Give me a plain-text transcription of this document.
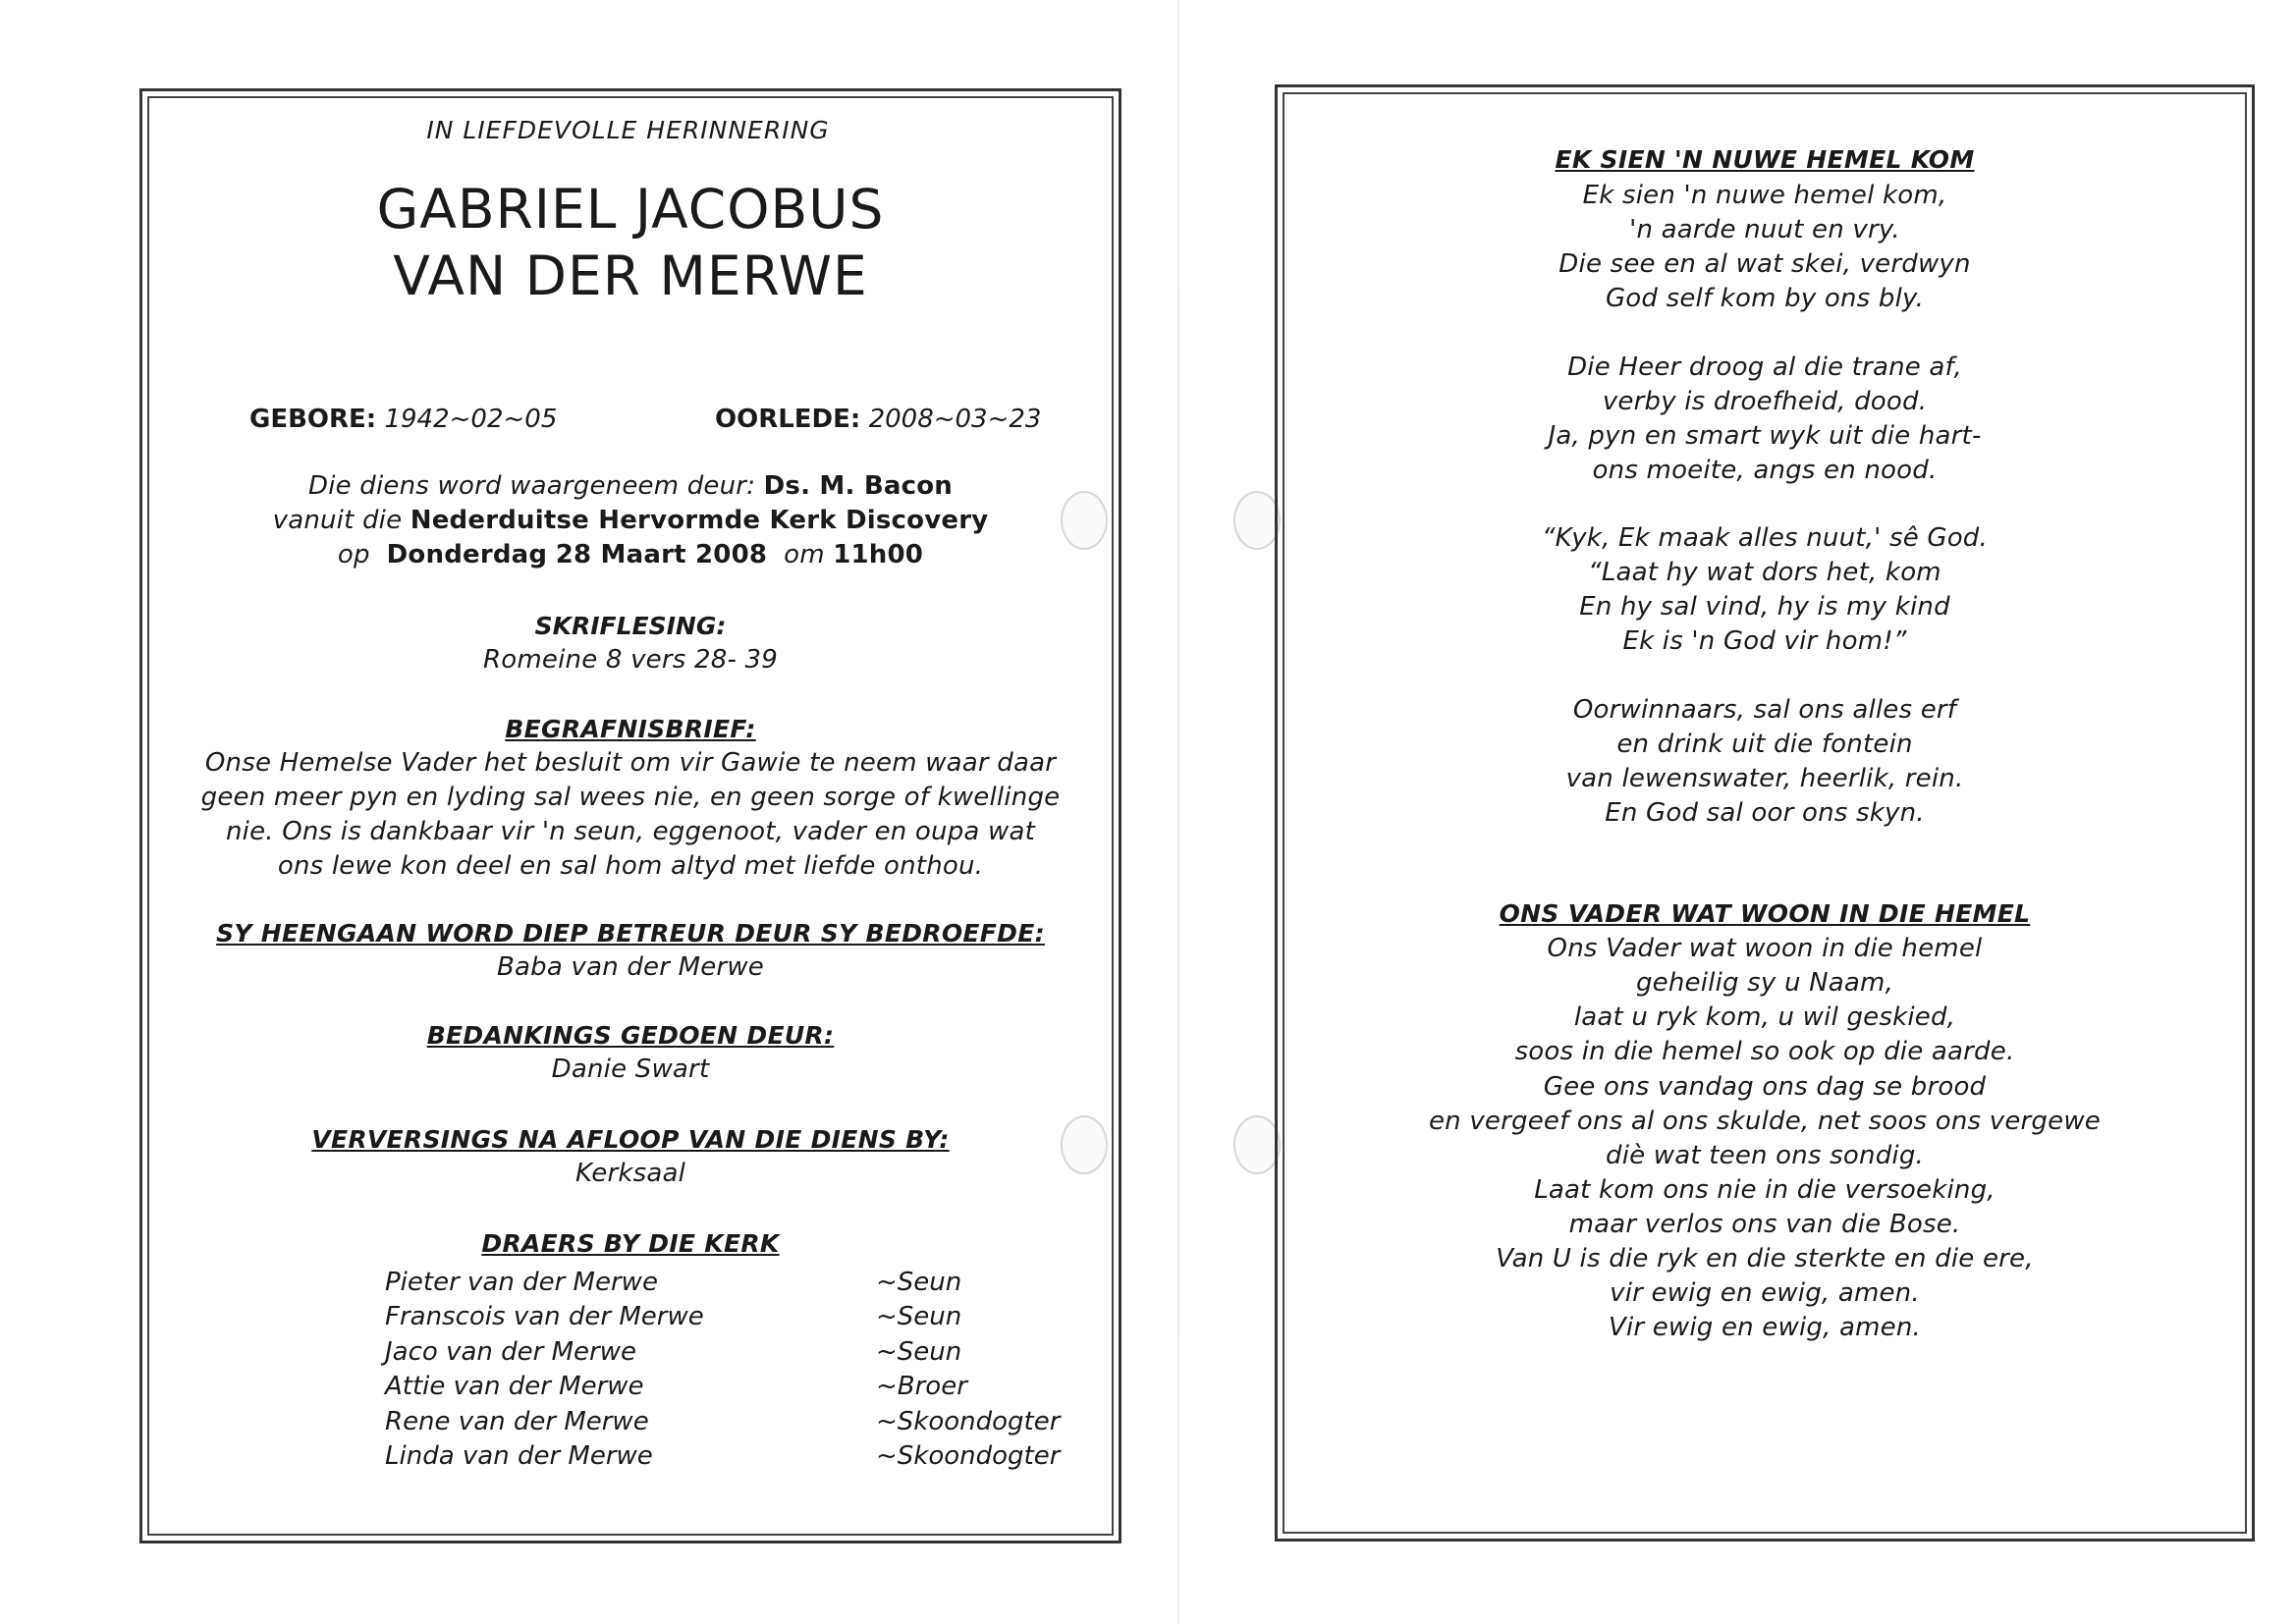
IN LIEFDEVOLLE HERINNERING
GABRIEL JACOBUS
VAN DER MERWE
GEBORE: 1942~02~05	OORLEDE: 2008~03~23
Die diens word waargeneem deur: Ds. M. Bacon
vanuit die Nederduitse Hervormde Kerk Discovery
op Donderdag 28 Maart 2008 om 11h00
SKRIFLESING:
Romeine 8 vers 28- 39
BEGRAFNISBRIEF:
Onse Hemelse Vader het besluit om vir Gawie te neem waar daar
geen meer pyn en lyding sal wees nie, en geen sorge of kwellinge
nie. Ons is dankbaar vir 'n seun, eggenoot, vader en oupa wat
ons lewe kon deel en sal hom altyd met liefde onthou.
SY HEENGAAN WORD DIEP BETREUR DEUR SY BEDROEFDE:
Baba van der Merwe
BEDANKINGS GEDOEN DEUR:
Danie Swart
VERVERSINGS NA AFLOOP VAN DIE DIENS BY:
Kerksaal
DRAERS BY DIE KERK
Pieter van der Merwe	~Seun
Franscois van der Merwe	~Seun
Jaco van der Merwe	~Seun
Attie van der Merwe	~Broer
Rene van der Merwe	~Skoondogter
Linda van der Merwe	~Skoondogter
EK SIEN 'N NUWE HEMEL KOM
Ek sien 'n nuwe hemel kom,
'n aarde nuut en vry.
Die see en al wat skei, verdwyn
God self kom by ons bly.
Die Heer droog al die trane af,
verby is droefheid, dood.
Ja, pyn en smart wyk uit die hart-
ons moeite, angs en nood.
“Kyk, Ek maak alles nuut,' sê God.
“Laat hy wat dors het, kom
En hy sal vind, hy is my kind
Ek is 'n God vir hom!”
Oorwinnaars, sal ons alles erf
en drink uit die fontein
van lewenswater, heerlik, rein.
En God sal oor ons skyn.
ONS VADER WAT WOON IN DIE HEMEL
Ons Vader wat woon in die hemel
geheilig sy u Naam,
laat u ryk kom, u wil geskied,
soos in die hemel so ook op die aarde.
Gee ons vandag ons dag se brood
en vergeef ons al ons skulde, net soos ons vergewe
diè wat teen ons sondig.
Laat kom ons nie in die versoeking,
maar verlos ons van die Bose.
Van U is die ryk en die sterkte en die ere,
vir ewig en ewig, amen.
Vir ewig en ewig, amen.
